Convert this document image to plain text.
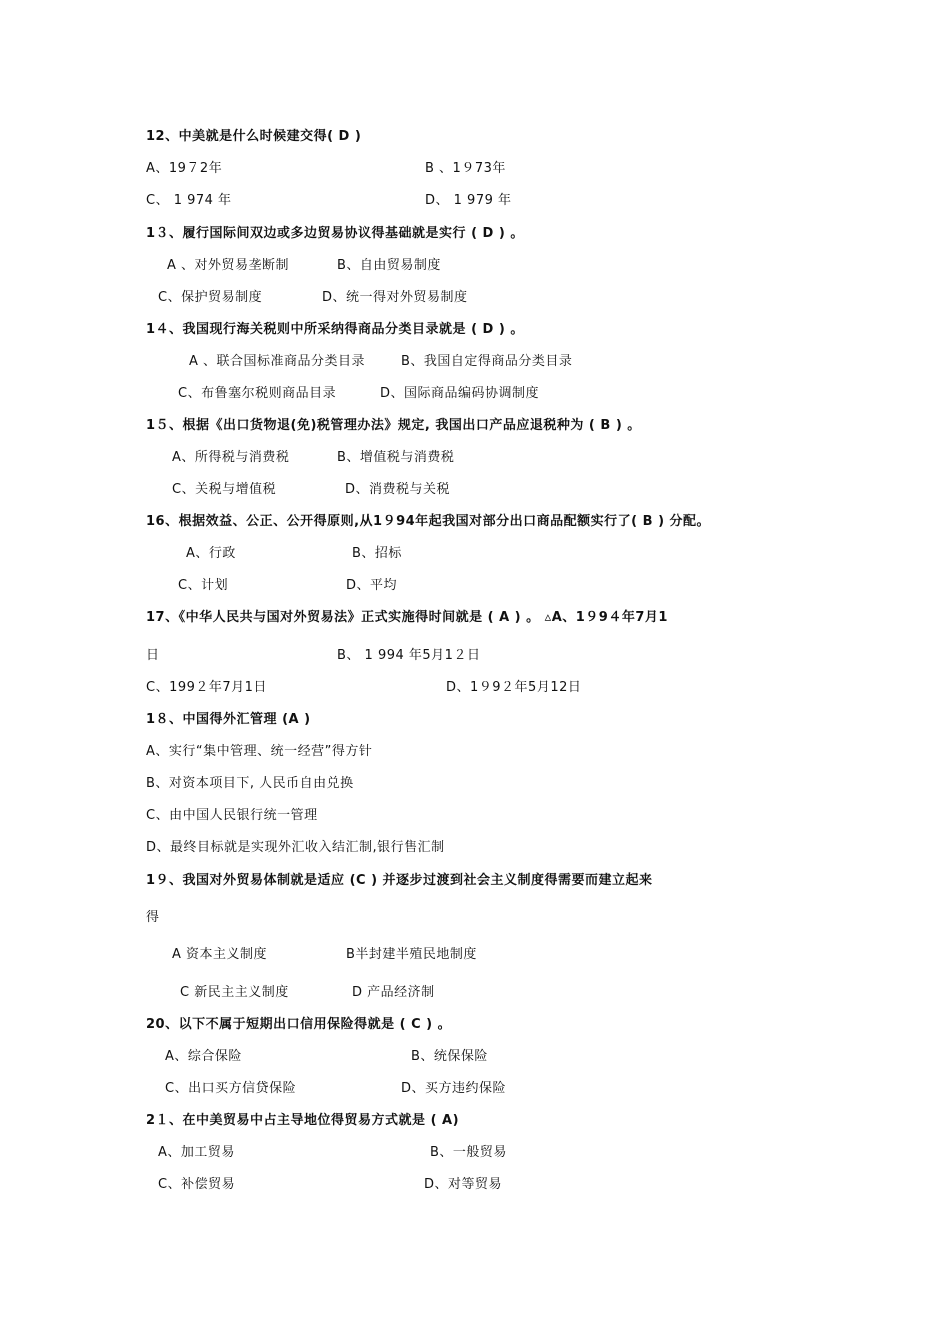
12、中美就是什么时候建交得( D )
A、19７2年	B 、1９73年
C、 1 974 年	D、 1 979 年
1３、履行国际间双边或多边贸易协议得基础就是实行 ( D ) 。
A 、对外贸易垄断制	B、自由贸易制度
C、保护贸易制度	D、统一得对外贸易制度
1４、我国现行海关税则中所采纳得商品分类目录就是 ( D ) 。
A 、联合国标准商品分类目录	B、我国自定得商品分类目录
C、布鲁塞尔税则商品目录	D、国际商品编码协调制度
1５、根据《出口货物退(免)税管理办法》规定, 我国出口产品应退税种为 ( B ) 。
A、所得税与消费税	B、增值税与消费税
C、关税与增值税	D、消费税与关税
16、根据效益、公正、公开得原则,从1９94年起我国对部分出口商品配额实行了( B ) 分配。
A、行政	B、招标
C、计划	D、平均
17、《中华人民共与国对外贸易法》正式实施得时间就是 ( A ) 。 ▵A、1９9４年7月1
日	B、 1 994 年5月1２日
C、199２年7月1日	D、1９9２年5月12日
1８、中国得外汇管理 (A )
A、实行“集中管理、统一经营”得方针
B、对资本项目下, 人民币自由兑换
C、由中国人民银行统一管理
D、最终目标就是实现外汇收入结汇制,银行售汇制
1９、我国对外贸易体制就是适应 (C ) 并逐步过渡到社会主义制度得需要而建立起来
得
A 资本主义制度	B半封建半殖民地制度
C 新民主主义制度	D 产品经济制
20、以下不属于短期出口信用保险得就是 ( C ) 。
A、综合保险	B、统保保险
C、出口买方信贷保险	D、买方违约保险
2１、在中美贸易中占主导地位得贸易方式就是 ( A)
A、加工贸易	B、一般贸易
C、补偿贸易	D、对等贸易
